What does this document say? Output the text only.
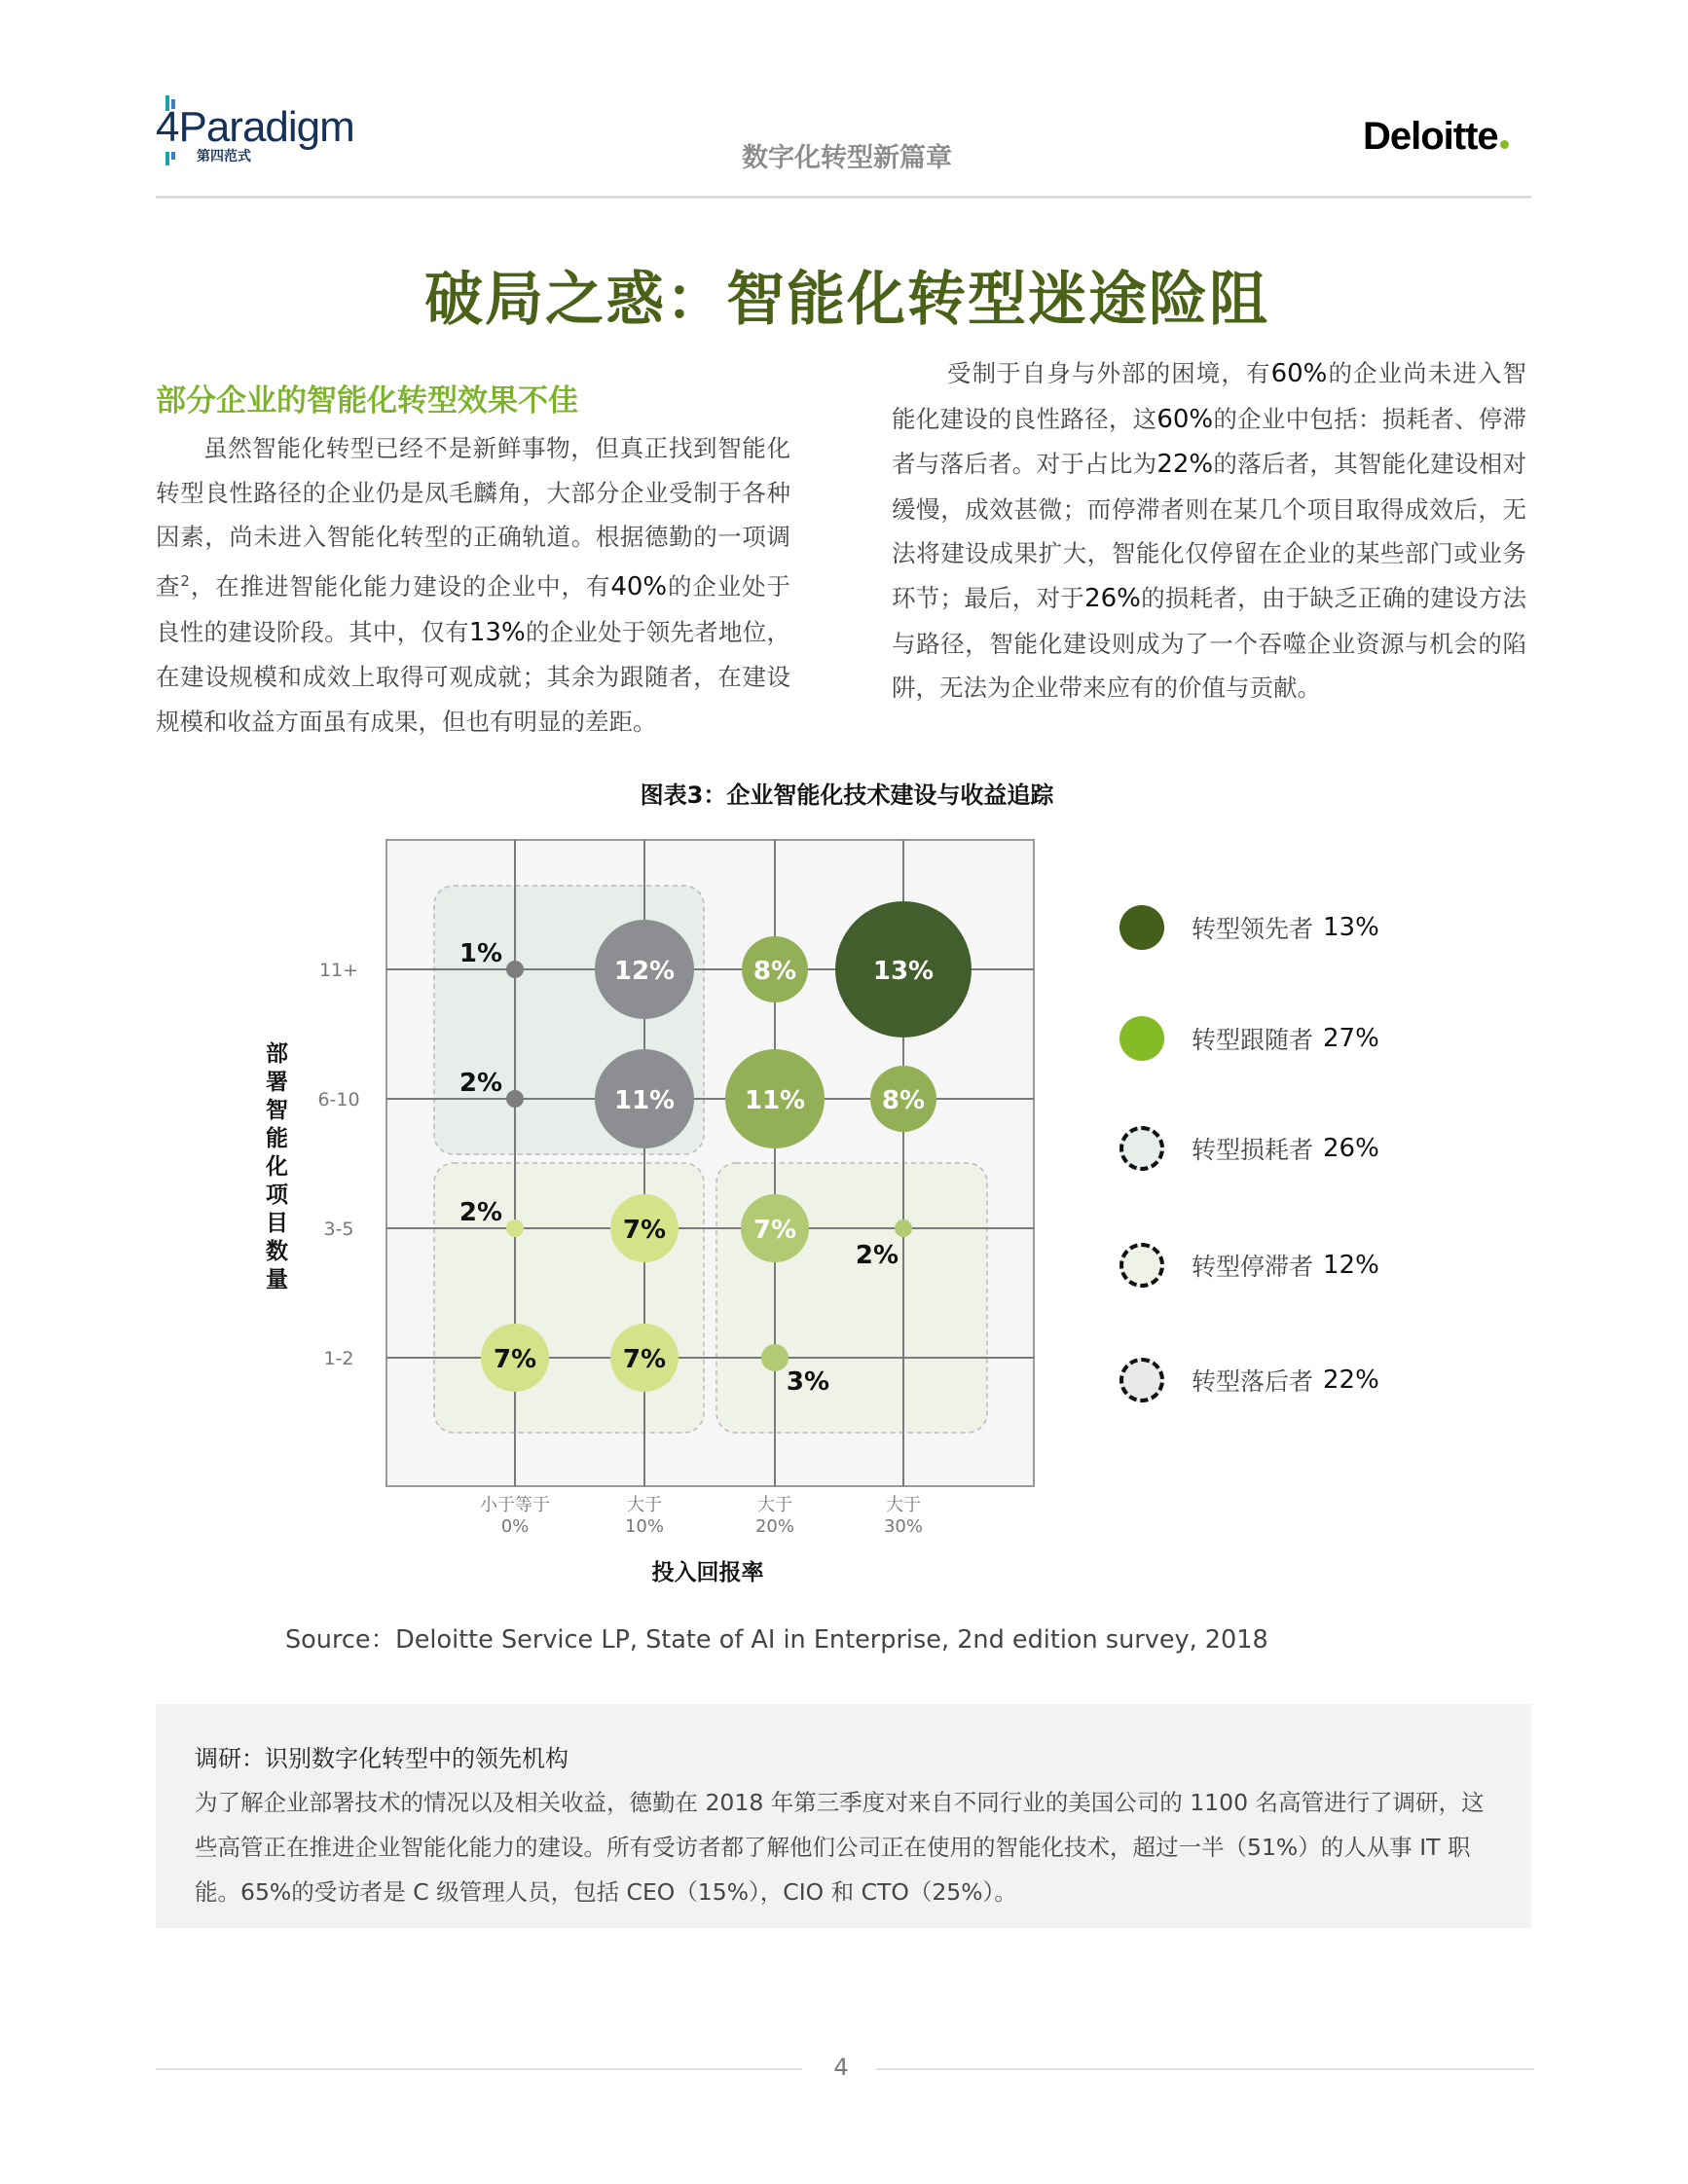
4Paradigm
第四范式	数字化转型新篇章
Deloitte
破局之惑：智能化转型迷途险阻
部分企业的智能化转型效果不佳
虽然智能化转型已经不是新鲜事物，但真正找到智能化转型良性路径的企业仍是凤毛麟角，大部分企业受制于各种因素，尚未进入智能化转型的正确轨道。根据德勤的一项调查$^2$，在推进智能化能力建设的企业中，有40%的企业处于良性的建设阶段。其中，仅有13%的企业处于领先者地位，在建设规模和成效上取得可观成就；其余为跟随者，在建设规模和收益方面虽有成果，但也有明显的差距。
受制于自身与外部的困境，有60%的企业尚未进入智能化建设的良性路径，这60%的企业中包括：损耗者、停滞者与落后者。对于占比为22%的落后者，其智能化建设相对缓慢，成效甚微；而停滞者则在某几个项目取得成效后，无法将建设成果扩大，智能化仅停留在企业的某些部门或业务环节；最后，对于26%的损耗者，由于缺乏正确的建设方法与路径，智能化建设则成为了一个吞噬企业资源与机会的陷阱，无法为企业带来应有的价值与贡献。
图表3：企业智能化技术建设与收益追踪
1-2
3-5
6-10
11+
小于等于
0%
大于
10%
大于
20%
大于
30%
投入回报率
部署智能化项目数量
1%
12%	8%	13%
2%
11%	11%	8%
2%
7%	7%
2%
7%	7%
3%
转型领先者 13%
转型跟随者 27%
转型损耗者 26%
转型停滞者 12%
转型落后者 22%
Source：Deloitte Service LP, State of AI in Enterprise, 2nd edition survey, 2018
调研：识别数字化转型中的领先机构
为了解企业部署技术的情况以及相关收益，德勤在 2018 年第三季度对来自不同行业的美国公司的 1100 名高管进行了调研，这些高管正在推进企业智能化能力的建设。所有受访者都了解他们公司正在使用的智能化技术，超过一半（51%）的人从事 IT 职能。65%的受访者是 C 级管理人员，包括 CEO（15%），CIO 和 CTO（25%）。
4
